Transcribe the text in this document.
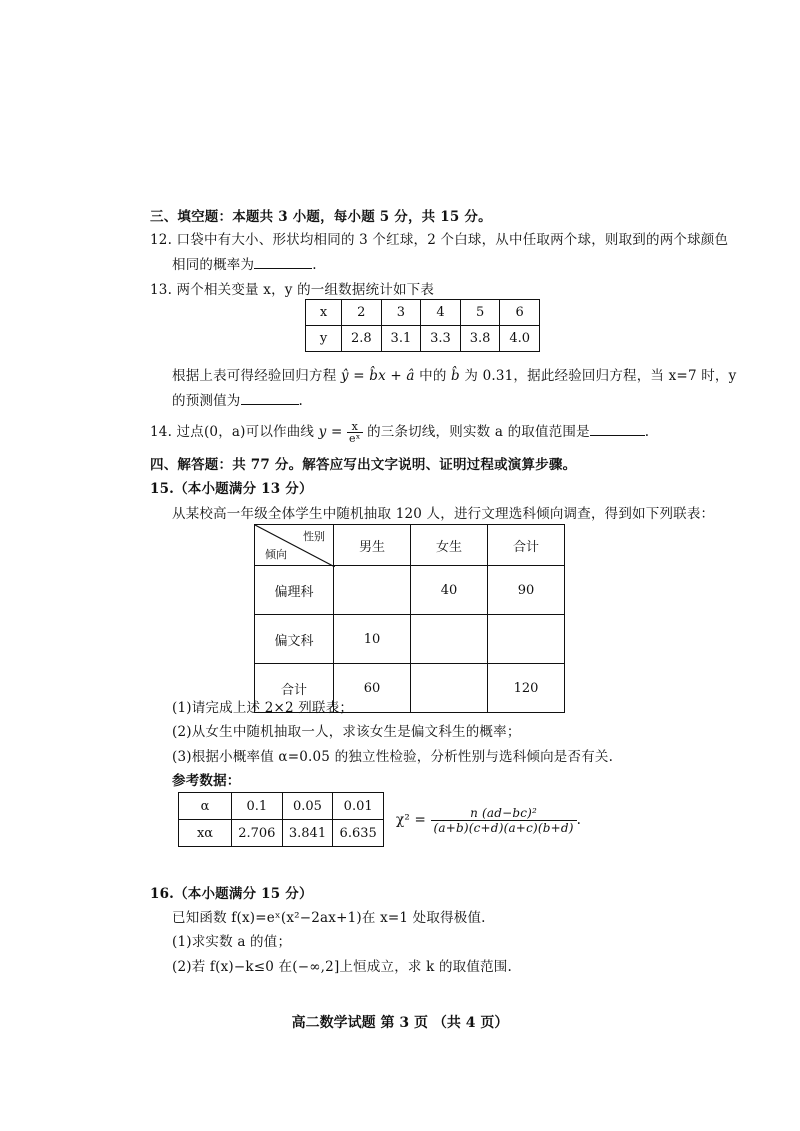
三、填空题：本题共 3 小题，每小题 5 分，共 15 分。
12. 口袋中有大小、形状均相同的 3 个红球，2 个白球，从中任取两个球，则取到的两个球颜色
相同的概率为	.
13. 两个相关变量 x，y 的一组数据统计如下表
x	2	3	4	5	6
y	2.8	3.1	3.3	3.8	4.0
根据上表可得经验回归方程 ŷ = b̂x + â 中的 b̂ 为 0.31，据此经验回归方程，当 x=7 时，y
的预测值为	.
14. 过点(0，a)可以作曲线 $y = \frac{x}{\text{eˣ}}$ 的三条切线，则实数 a 的取值范围是	.
四、解答题：共 77 分。解答应写出文字说明、证明过程或演算步骤。
15.（本小题满分 13 分）
从某校高一年级全体学生中随机抽取 120 人，进行文理选科倾向调查，得到如下列联表：
性别
倾向	男生	女生	合计
偏理科		40	90
偏文科	10		
合计	60		120
(1)请完成上述 2×2 列联表；
(2)从女生中随机抽取一人，求该女生是偏文科生的概率；
(3)根据小概率值 α=0.05 的独立性检验，分析性别与选科倾向是否有关.
参考数据：
α	0.1	0.05	0.01
xα	2.706	3.841	6.635
$\chi^2 = \frac{\text{n (ad−bc)²}}{(a+b)(c+d)(a+c)(b+d)}$ .
16.（本小题满分 15 分）
已知函数 f(x)=eˣ(x²−2ax+1)在 x=1 处取得极值.
(1)求实数 a 的值；
(2)若 f(x)−k≤0 在(−∞,2]上恒成立，求 k 的取值范围.
高二数学试题 第 3 页 （共 4 页）
